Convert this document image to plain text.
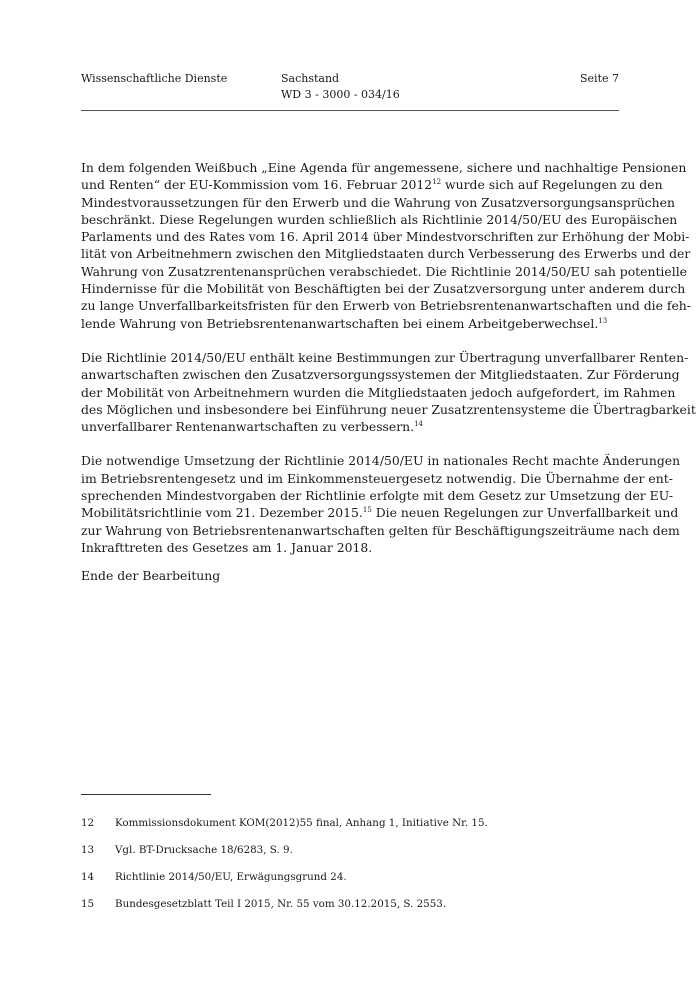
Wissenschaftliche Dienste	Sachstand
WD 3 - 3000 - 034/16
Seite 7

In dem folgenden Weißbuch „Eine Agenda für angemessene, sichere und nachhaltige Pensionen
und Renten“ der EU-Kommission vom 16. Februar 2012$^{12}$ wurde sich auf Regelungen zu den
Mindestvoraussetzungen für den Erwerb und die Wahrung von Zusatzversorgungsansprüchen
beschränkt. Diese Regelungen wurden schließlich als Richtlinie 2014/50/EU des Europäischen
Parlaments und des Rates vom 16. April 2014 über Mindestvorschriften zur Erhöhung der Mobi-
lität von Arbeitnehmern zwischen den Mitgliedstaaten durch Verbesserung des Erwerbs und der
Wahrung von Zusatzrentenansprüchen verabschiedet. Die Richtlinie 2014/50/EU sah potentielle
Hindernisse für die Mobilität von Beschäftigten bei der Zusatzversorgung unter anderem durch
zu lange Unverfallbarkeitsfristen für den Erwerb von Betriebsrentenanwartschaften und die feh-
lende Wahrung von Betriebsrentenanwartschaften bei einem Arbeitgeberwechsel.$^{13}$

Die Richtlinie 2014/50/EU enthält keine Bestimmungen zur Übertragung unverfallbarer Renten-
anwartschaften zwischen den Zusatzversorgungssystemen der Mitgliedstaaten. Zur Förderung
der Mobilität von Arbeitnehmern wurden die Mitgliedstaaten jedoch aufgefordert, im Rahmen
des Möglichen und insbesondere bei Einführung neuer Zusatzrentensysteme die Übertragbarkeit
unverfallbarer Rentenanwartschaften zu verbessern.$^{14}$

Die notwendige Umsetzung der Richtlinie 2014/50/EU in nationales Recht machte Änderungen
im Betriebsrentengesetz und im Einkommensteuergesetz notwendig. Die Übernahme der ent-
sprechenden Mindestvorgaben der Richtlinie erfolgte mit dem Gesetz zur Umsetzung der EU-
Mobilitätsrichtlinie vom 21. Dezember 2015.15 Die neuen Regelungen zur Unverfallbarkeit und
zur Wahrung von Betriebsrentenanwartschaften gelten für Beschäftigungszeiträume nach dem
Inkrafttreten des Gesetzes am 1. Januar 2018.

Ende der Bearbeitung
12 Kommissionsdokument KOM(2012)55 final, Anhang 1, Initiative Nr. 15.
13 Vgl. BT-Drucksache 18/6283, S. 9.
14 Richtlinie 2014/50/EU, Erwägungsgrund 24.
15 Bundesgesetzblatt Teil I 2015, Nr. 55 vom 30.12.2015, S. 2553.
